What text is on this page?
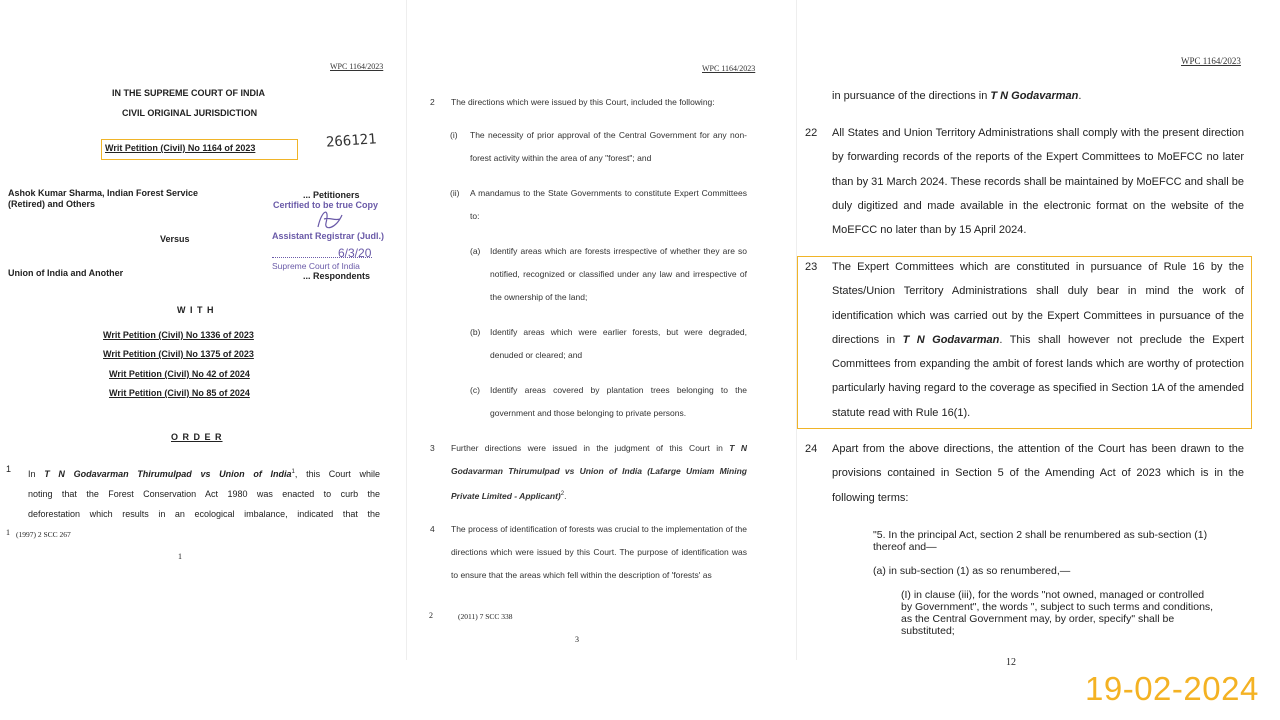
WPC 1164/2023
IN THE SUPREME COURT OF INDIA
CIVIL ORIGINAL JURISDICTION
Writ Petition (Civil) No 1164 of 2023	266121
Ashok Kumar Sharma, Indian Forest Service
(Retired) and Others
... Petitioners
Certified to be true Copy
Versus	Assistant Registrar (Judl.)
6/3/20
Supreme Court of India
Union of India and Another	... Respondents
W I T H
Writ Petition (Civil) No 1336 of 2023
Writ Petition (Civil) No 1375 of 2023
Writ Petition (Civil) No 42 of 2024
Writ Petition (Civil) No 85 of 2024
O R D E R
1 In T N Godavarman Thirumulpad vs Union of India$^1$, this Court while
noting that the Forest Conservation Act 1980 was enacted to curb the
deforestation which results in an ecological imbalance, indicated that the
1 (1997) 2 SCC 267
1
WPC 1164/2023
2 The directions which were issued by this Court, included the following:
(i) The necessity of prior approval of the Central Government for any non-forest activity within the area of any "forest"; and
(ii) A mandamus to the State Governments to constitute Expert Committees to:
(a) Identify areas which are forests irrespective of whether they are so notified, recognized or classified under any law and irrespective of the ownership of the land;
(b) Identify areas which were earlier forests, but were degraded, denuded or cleared; and
(c) Identify areas covered by plantation trees belonging to the government and those belonging to private persons.
3 Further directions were issued in the judgment of this Court in T N Godavarman Thirumulpad vs Union of India (Lafarge Umiam Mining Private Limited - Applicant)$^2$.
4 The process of identification of forests was crucial to the implementation of the directions which were issued by this Court. The purpose of identification was to ensure that the areas which fell within the description of 'forests' as
2	(2011) 7 SCC 338
3
WPC 1164/2023
in pursuance of the directions in T N Godavarman.
22 All States and Union Territory Administrations shall comply with the present direction by forwarding records of the reports of the Expert Committees to MoEFCC no later than by 31 March 2024. These records shall be maintained by MoEFCC and shall be duly digitized and made available in the electronic format on the website of the MoEFCC no later than by 15 April 2024.
23 The Expert Committees which are constituted in pursuance of Rule 16 by the States/Union Territory Administrations shall duly bear in mind the work of identification which was carried out by the Expert Committees in pursuance of the directions in T N Godavarman. This shall however not preclude the Expert Committees from expanding the ambit of forest lands which are worthy of protection particularly having regard to the coverage as specified in Section 1A of the amended statute read with Rule 16(1).
24 Apart from the above directions, the attention of the Court has been drawn to the provisions contained in Section 5 of the Amending Act of 2023 which is in the following terms:
"5. In the principal Act, section 2 shall be renumbered as sub-section (1) thereof and—
(a) in sub-section (1) as so renumbered,—
(I) in clause (iii), for the words "not owned, managed or controlled by Government", the words ", subject to such terms and conditions, as the Central Government may, by order, specify" shall be substituted;
12
19-02-2024
